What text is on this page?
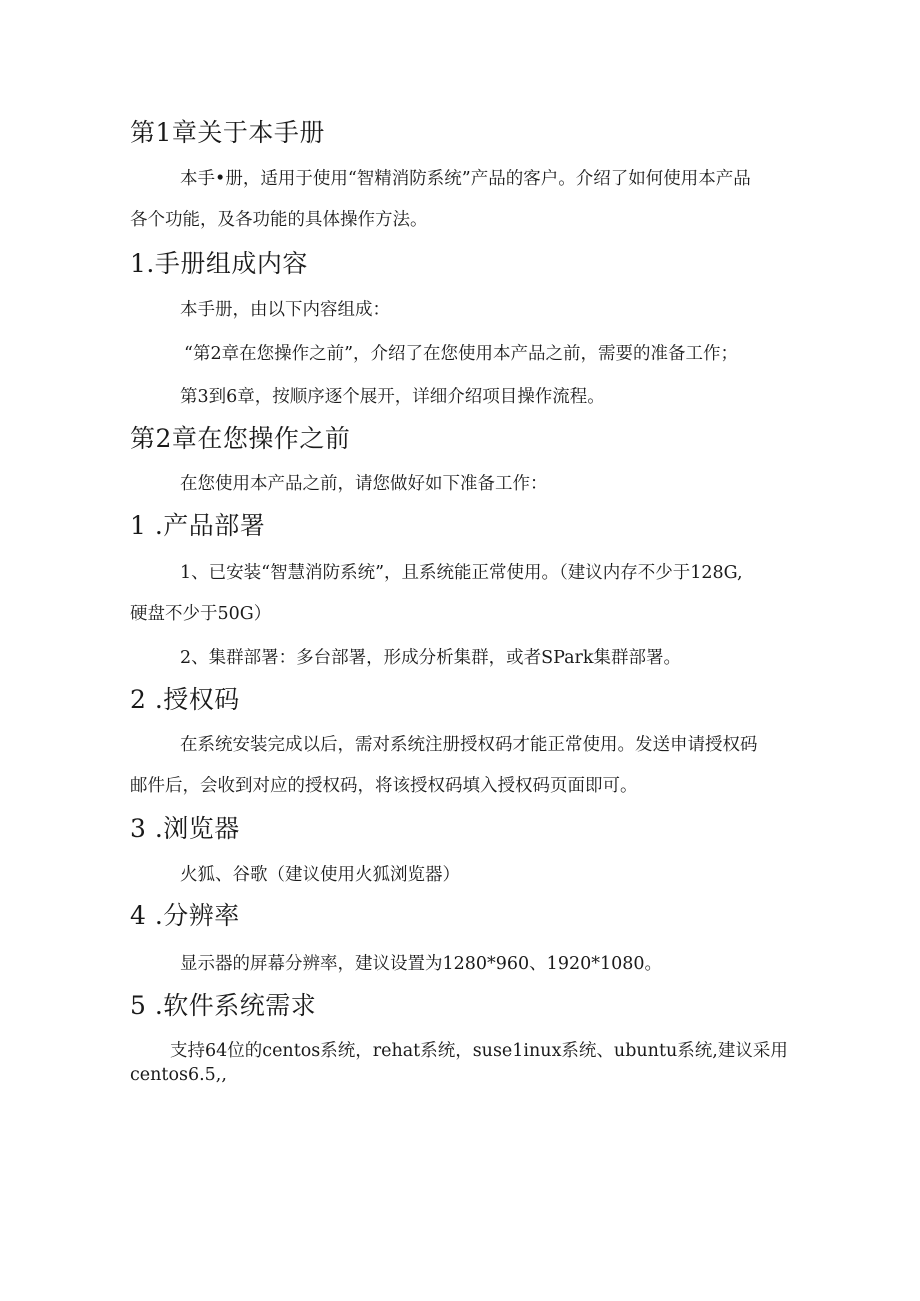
第1章关于本手册
本手•册，适用于使用“智精消防系统”产品的客户。介绍了如何使用本产品
各个功能，及各功能的具体操作方法。
1.手册组成内容
本手册，由以下内容组成：
“第2章在您操作之前”，介绍了在您使用本产品之前，需要的准备工作；
第3到6章，按顺序逐个展开，详细介绍项目操作流程。
第2章在您操作之前
在您使用本产品之前，请您做好如下准备工作：
1 .产品部署
1、已安装“智慧消防系统”，且系统能正常使用。（建议内存不少于128G,
硬盘不少于50G）
2、集群部署：多台部署，形成分析集群，或者SPark集群部署。
2 .授权码
在系统安装完成以后，需对系统注册授权码才能正常使用。发送申请授权码
邮件后，会收到对应的授权码，将该授权码填入授权码页面即可。
3 .浏览器
火狐、谷歌（建议使用火狐浏览器）
4 .分辨率
显示器的屏幕分辨率，建议设置为1280*960、1920*1080。
5 .软件系统需求
支持64位的centos系统，rehat系统，suse1inux系统、ubuntu系统,建议采用
centos6.5,,
